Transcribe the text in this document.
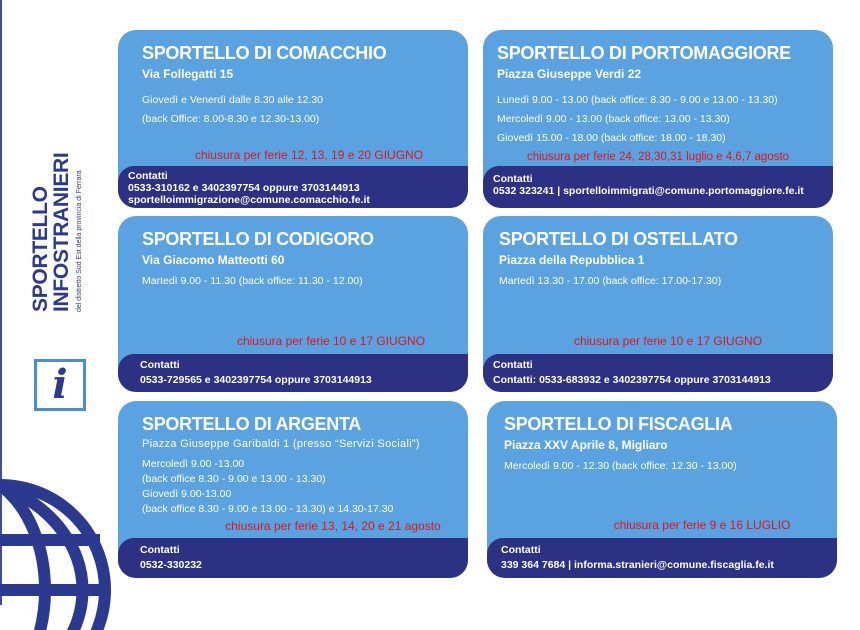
SPORTELLO
INFOSTRANIERI del distretto Sud Est della provincia di Ferrara
i
SPORTELLO DI COMACCHIO
Via Follegatti 15
Giovedì e Venerdì dalle 8.30 alle 12.30
(back Office: 8.00-8.30 e 12.30-13.00)
chiusura per ferie 12, 13, 19 e 20 GIUGNO
Contatti
0533-310162 e 3402397754 oppure 3703144913
sportelloimmigrazione@comune.comacchio.fe.it
SPORTELLO DI PORTOMAGGIORE
Piazza Giuseppe Verdi 22
Lunedì 9.00 - 13.00 (back office: 8.30 - 9.00 e 13.00 - 13.30)
Mercoledì 9.00 - 13.00 (back office: 13.00 - 13.30)
Giovedì 15.00 - 18.00 (back office: 18.00 - 18.30)
chiusura per ferie 24, 28,30,31 luglio e 4,6,7 agosto
Contatti
0532 323241 | sportelloimmigrati@comune.portomaggiore.fe.it
SPORTELLO DI CODIGORO
Via Giacomo Matteotti 60
Martedì 9.00 - 11.30 (back office: 11.30 - 12.00)
chiusura per ferie 10 e 17 GIUGNO
Contatti
0533-729565 e 3402397754 oppure 3703144913
SPORTELLO DI OSTELLATO
Piazza della Repubblica 1
Martedì 13.30 - 17.00 (back office: 17.00-17.30)
chiusura per ferie 10 e 17 GIUGNO
Contatti
Contatti: 0533-683932 e 3402397754 oppure 3703144913
SPORTELLO DI ARGENTA
Piazza Giuseppe Garibaldi 1 (presso “Servizi Sociali”)
Mercoledì 9.00 -13.00
(back office 8.30 - 9.00 e 13.00 - 13.30)
Giovedì 9.00-13.00
(back office 8.30 - 9.00 e 13.00 - 13.30) e 14.30-17.30
chiusura per ferie 13, 14, 20 e 21 agosto
Contatti
0532-330232
SPORTELLO DI FISCAGLIA
Piazza XXV Aprile 8, Migliaro
Mercoledì 9.00 - 12.30 (back office: 12.30 - 13.00)
chiusura per ferie 9 e 16 LUGLIO
Contatti
339 364 7684 | informa.stranieri@comune.fiscaglia.fe.it
